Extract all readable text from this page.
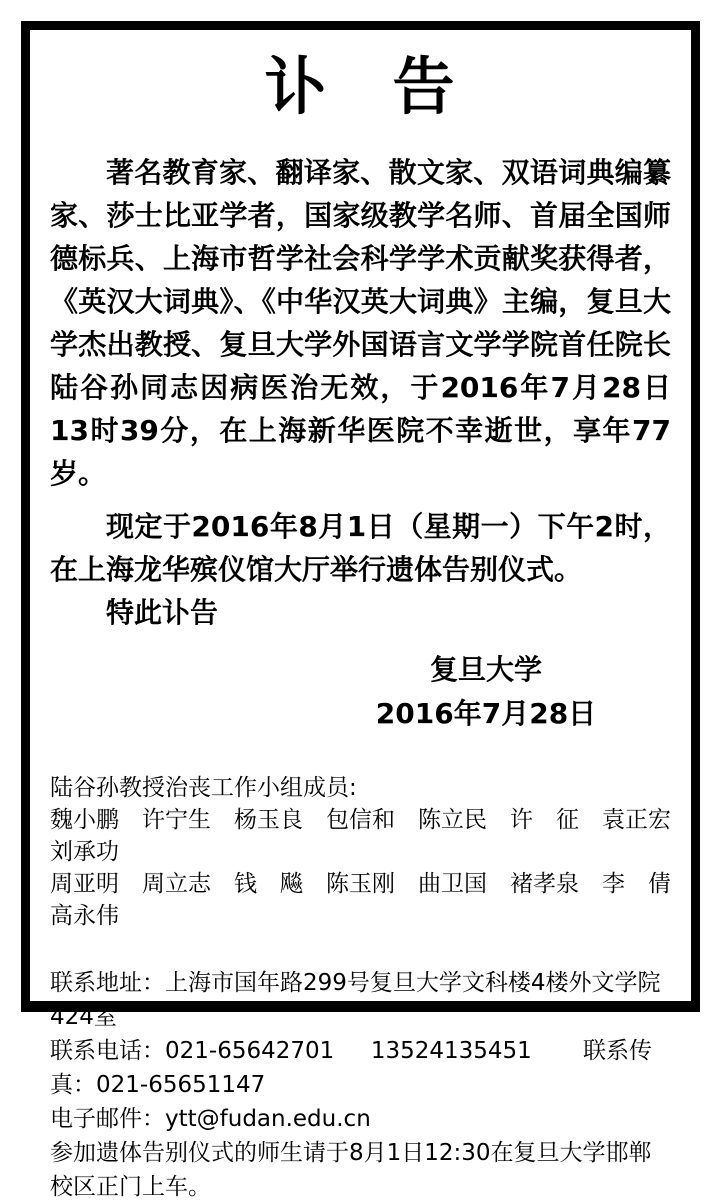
讣　告

著名教育家、翻译家、散文家、双语词典编纂家、莎士比亚学者，国家级教学名师、首届全国师德标兵、上海市哲学社会科学学术贡献奖获得者，《英汉大词典》、《中华汉英大词典》主编，复旦大学杰出教授、复旦大学外国语言文学学院首任院长陆谷孙同志因病医治无效，于2016年7月28日13时39分，在上海新华医院不幸逝世，享年77岁。

现定于2016年8月1日（星期一）下午2时，在上海龙华殡仪馆大厅举行遗体告别仪式。

特此讣告

复旦大学
2016年7月28日
陆谷孙教授治丧工作小组成员:
魏小鹏　许宁生　杨玉良　包信和　陈立民　许　征　袁正宏　刘承功
周亚明　周立志　钱　飚　陈玉刚　曲卫国　褚孝泉　李　倩　高永伟
联系地址：上海市国年路299号复旦大学文科楼4楼外文学院424室
联系电话：021-65642701     13524135451       联系传真：021-65651147
电子邮件：ytt@fudan.edu.cn
参加遗体告别仪式的师生请于8月1日12:30在复旦大学邯郸校区正门上车。
